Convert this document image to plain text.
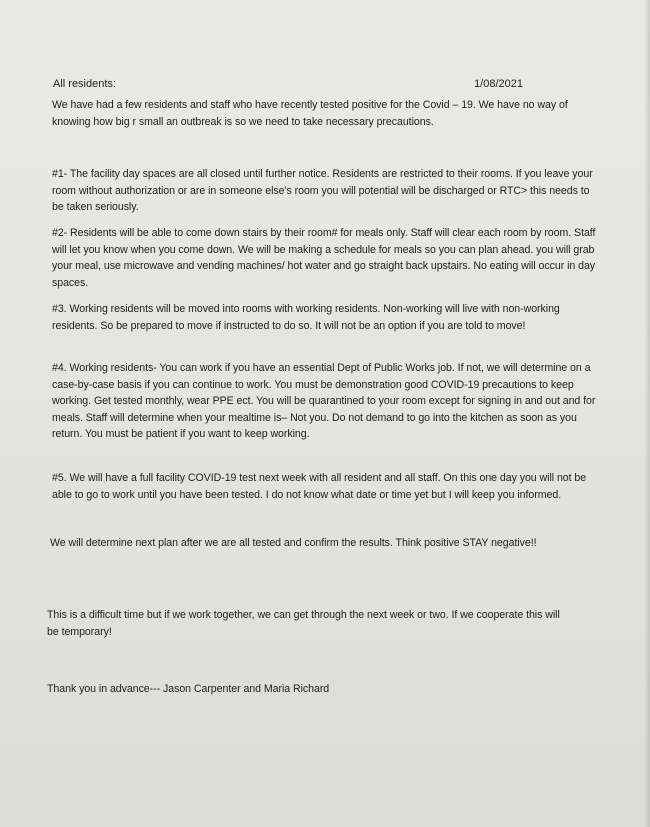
All residents:	1/08/2021

We have had a few residents and staff who have recently tested positive for the Covid – 19. We have no way of knowing how big r small an outbreak is so we need to take necessary precautions.

#1- The facility day spaces are all closed until further notice. Residents are restricted to their rooms. If you leave your room without authorization or are in someone else's room you will potential will be discharged or RTC> this needs to be taken seriously.

#2- Residents will be able to come down stairs by their room# for meals only. Staff will clear each room by room. Staff will let you know when you come down. We will be making a schedule for meals so you can plan ahead. you will grab your meal, use microwave and vending machines/ hot water and go straight back upstairs. No eating will occur in day spaces.

#3. Working residents will be moved into rooms with working residents. Non-working will live with non-working residents. So be prepared to move if instructed to do so. It will not be an option if you are told to move!

#4. Working residents- You can work if you have an essential Dept of Public Works job. If not, we will determine on a case-by-case basis if you can continue to work. You must be demonstration good COVID-19 precautions to keep working. Get tested monthly, wear PPE ect. You will be quarantined to your room except for signing in and out and for meals. Staff will determine when your mealtime is– Not you. Do not demand to go into the kitchen as soon as you return. You must be patient if you want to keep working.

#5. We will have a full facility COVID-19 test next week with all resident and all staff. On this one day you will not be able to go to work until you have been tested. I do not know what date or time yet but I will keep you informed.

We will determine next plan after we are all tested and confirm the results. Think positive STAY negative!!

This is a difficult time but if we work together, we can get through the next week or two. If we cooperate this will be temporary!

Thank you in advance--- Jason Carpenter and Maria Richard
